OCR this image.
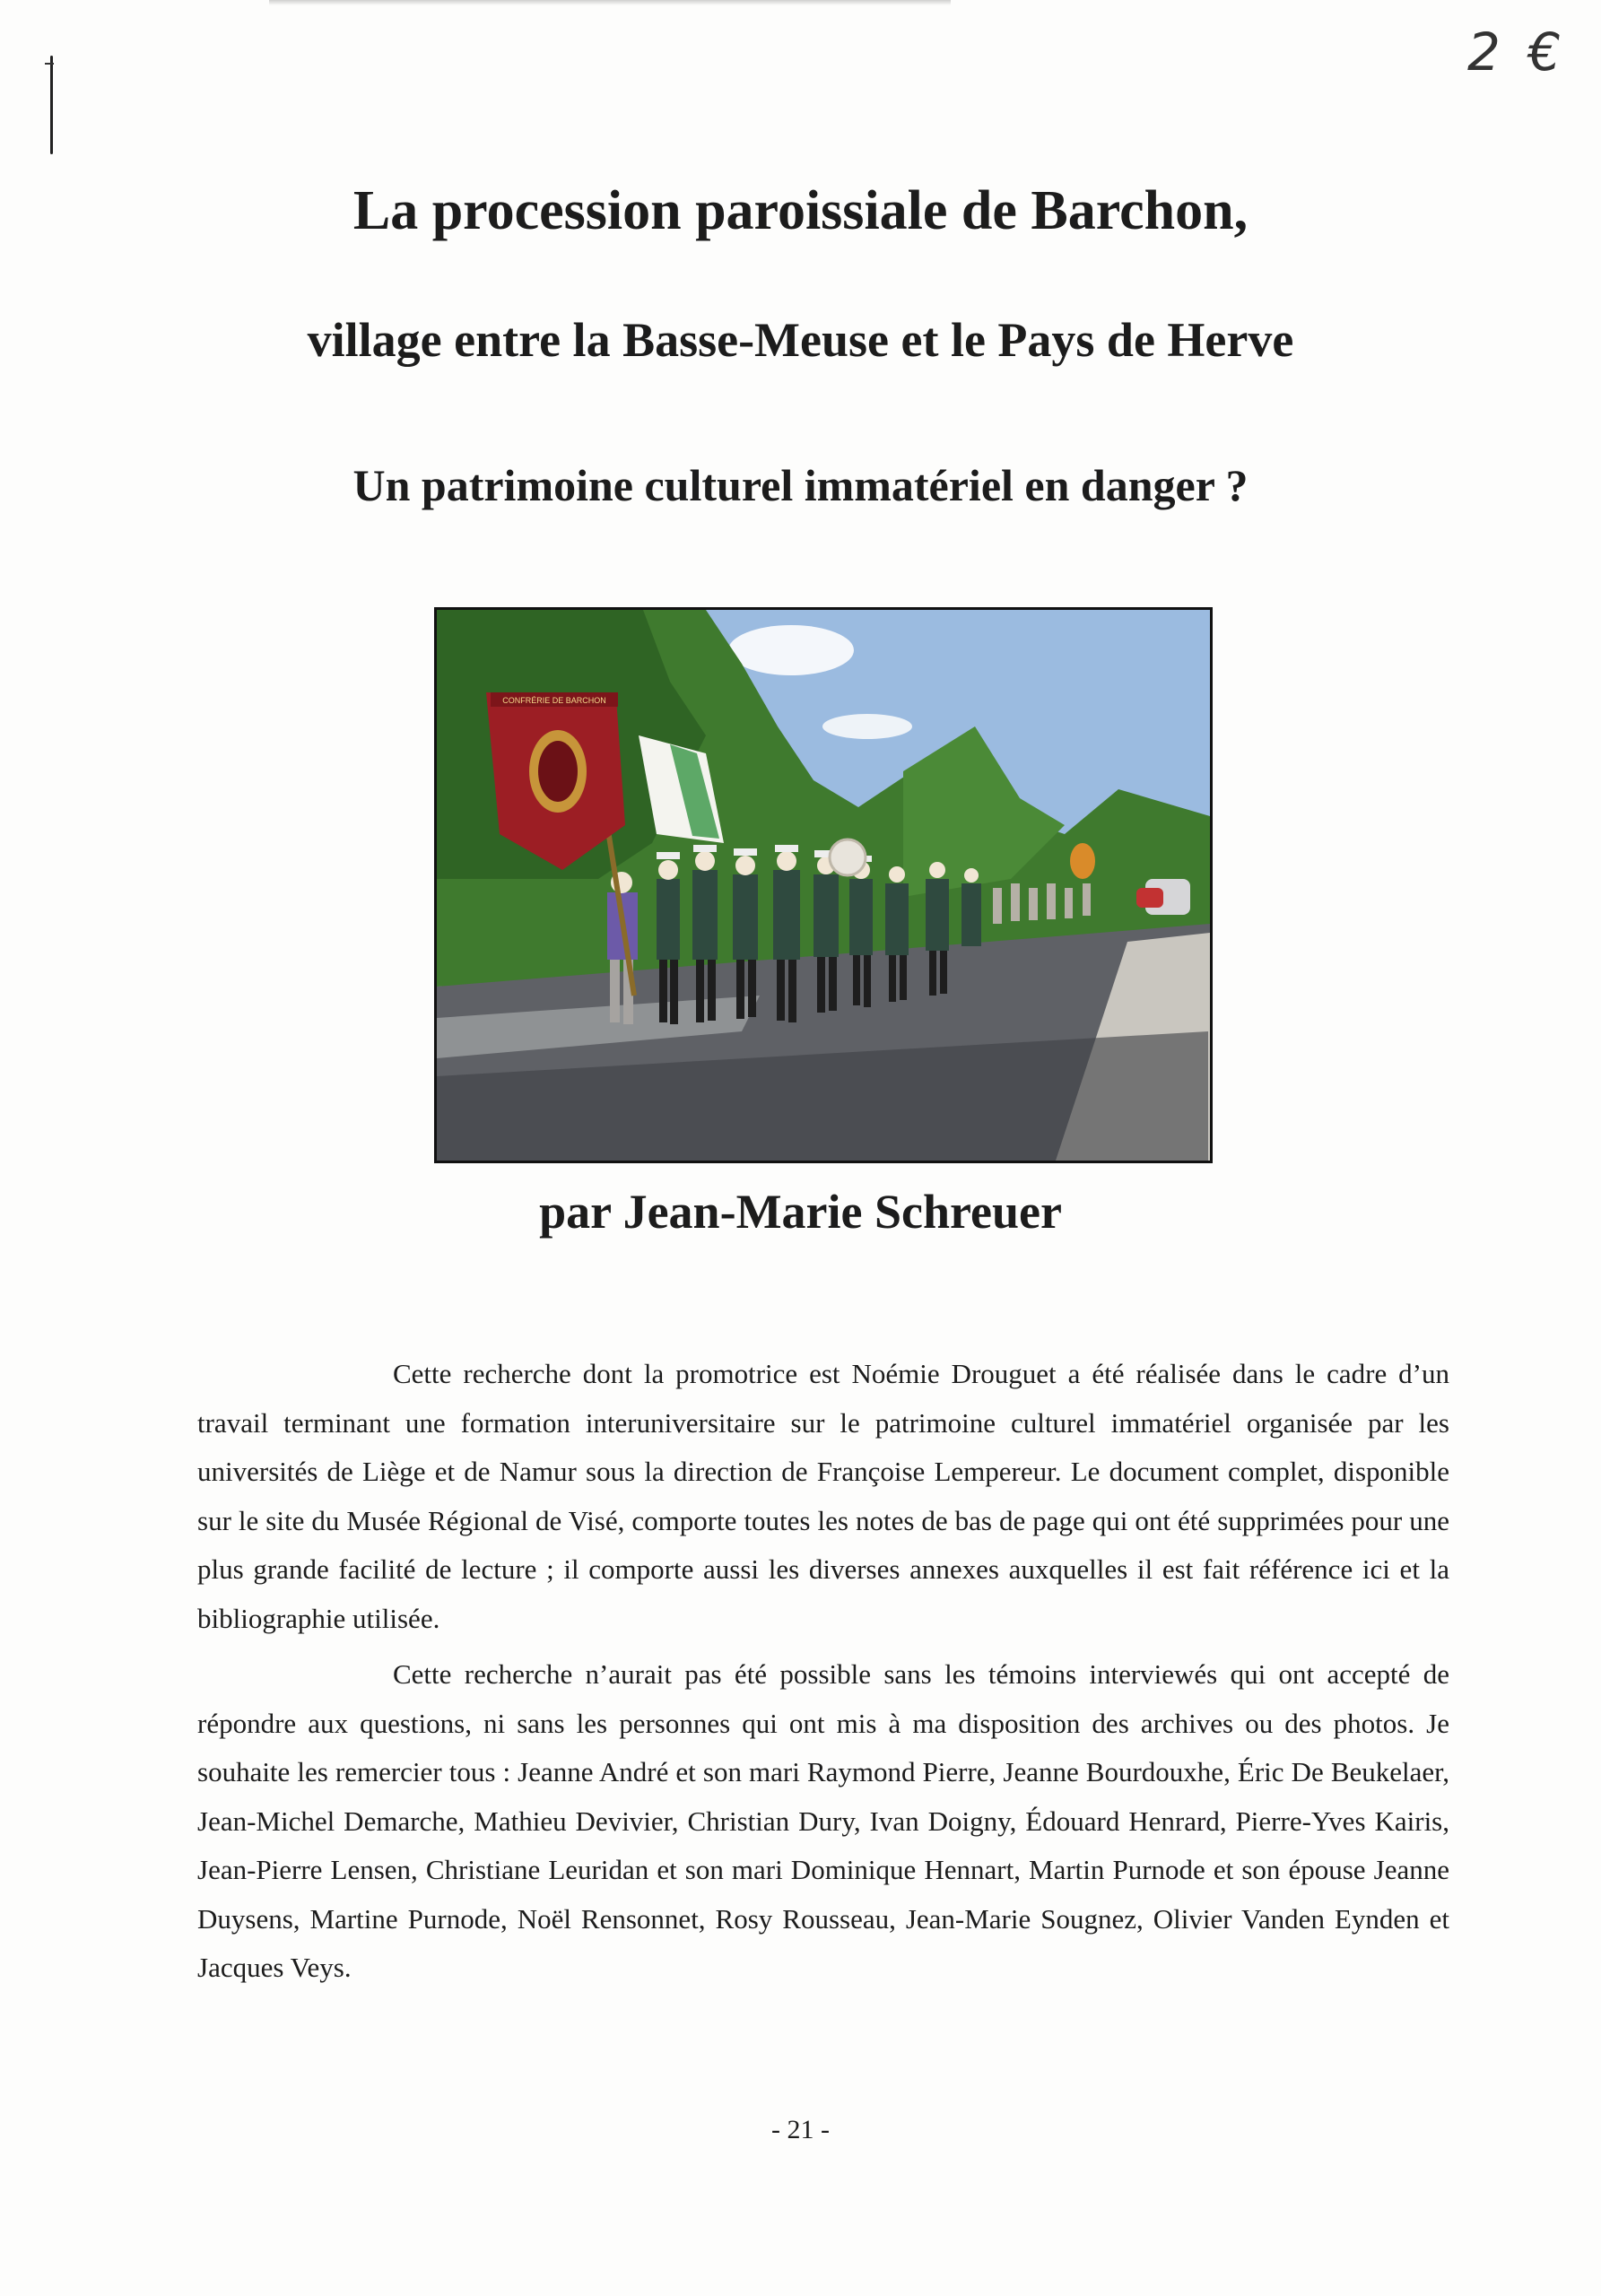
2 €
La procession paroissiale de Barchon,
village entre la Basse-Meuse et le Pays de Herve
Un patrimoine culturel immatériel en danger ?
CONFRÉRIE DE BARCHON
par Jean-Marie Schreuer

Cette recherche dont la promotrice est Noémie Drouguet a été réalisée dans le cadre d’un travail terminant une formation interuniversitaire sur le patrimoine culturel immatériel organisée par les universités de Liège et de Namur sous la direction de Françoise Lempereur. Le document complet, disponible sur le site du Musée Régional de Visé, comporte toutes les notes de bas de page qui ont été supprimées pour une plus grande facilité de lecture ; il comporte aussi les diverses annexes auxquelles il est fait référence ici et la bibliographie utilisée.

Cette recherche n’aurait pas été possible sans les témoins interviewés qui ont accepté de répondre aux questions, ni sans les personnes qui ont mis à ma disposition des archives ou des photos. Je souhaite les remercier tous : Jeanne André et son mari Raymond Pierre, Jeanne Bourdouxhe, Éric De Beukelaer, Jean-Michel Demarche, Mathieu Devivier, Christian Dury, Ivan Doigny, Édouard Henrard, Pierre-Yves Kairis, Jean-Pierre Lensen, Christiane Leuridan et son mari Dominique Hennart, Martin Purnode et son épouse Jeanne Duysens, Martine Purnode, Noël Rensonnet, Rosy Rousseau, Jean-Marie Sougnez, Olivier Vanden Eynden et Jacques Veys.

- 21 -
